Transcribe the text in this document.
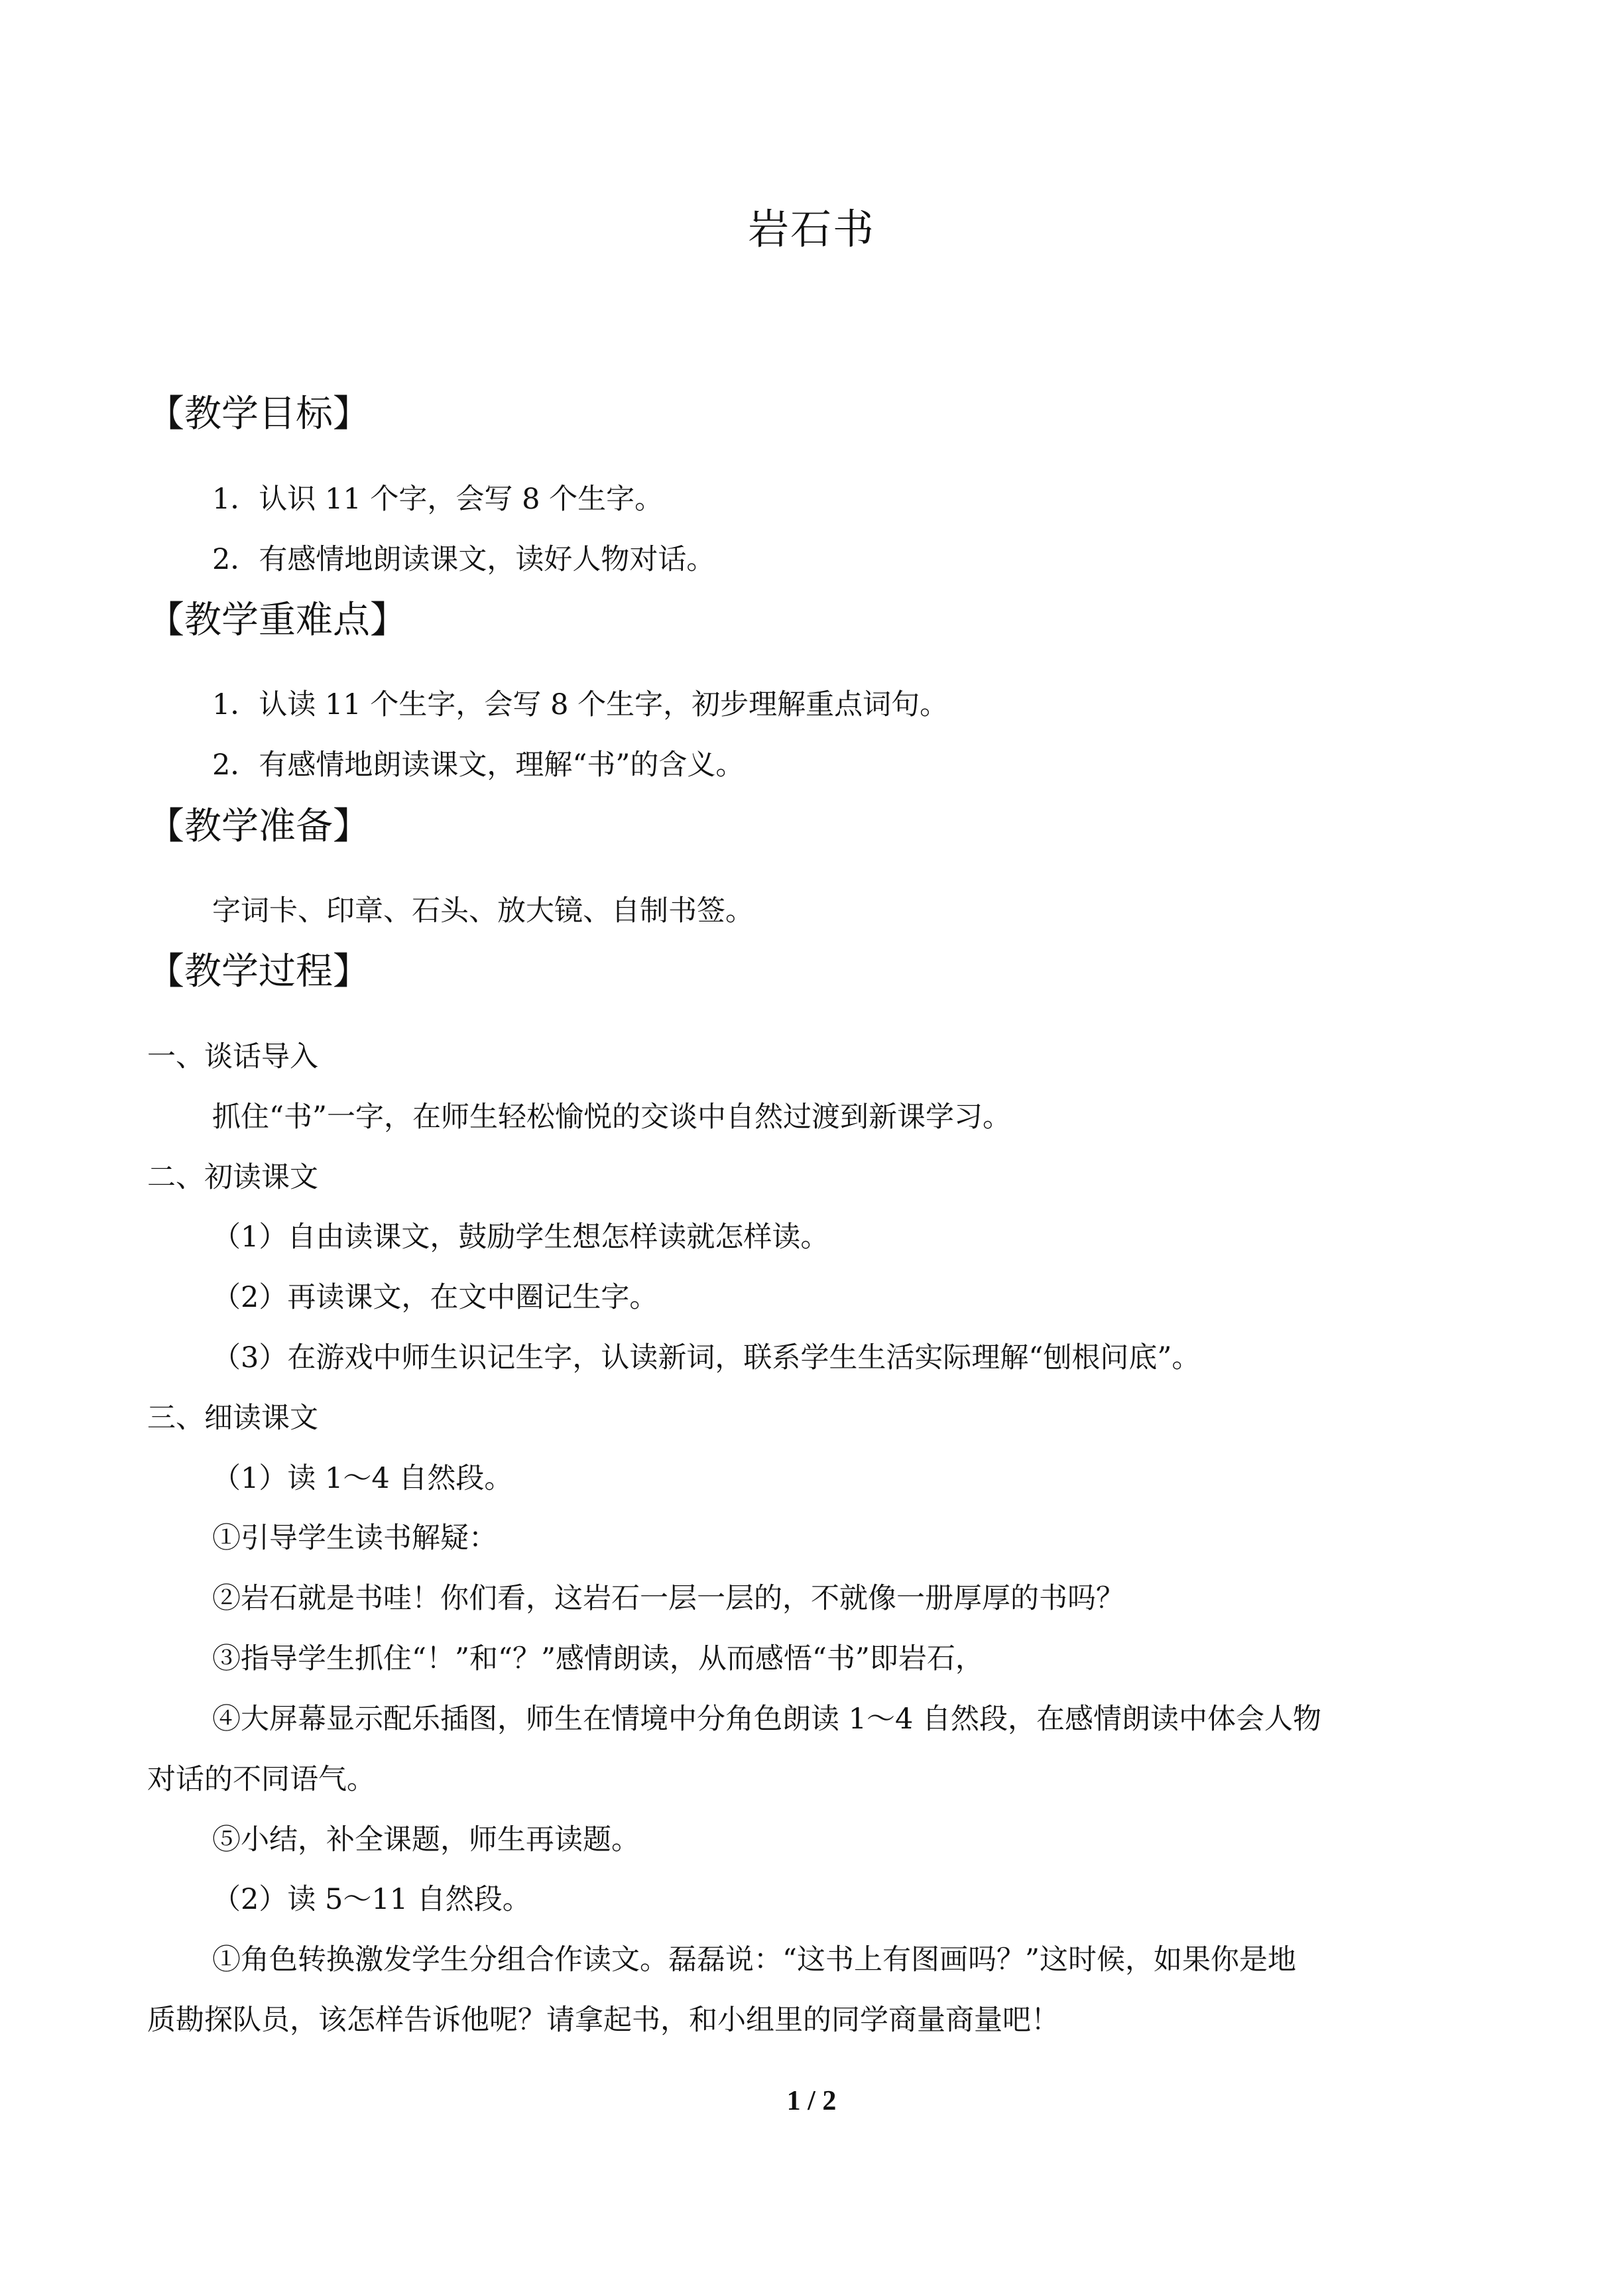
岩石书
【教学目标】
1．认识 11 个字，会写 8 个生字。
2．有感情地朗读课文，读好人物对话。
【教学重难点】
1．认读 11 个生字，会写 8 个生字，初步理解重点词句。
2．有感情地朗读课文，理解“书”的含义。
【教学准备】
字词卡、印章、石头、放大镜、自制书签。
【教学过程】
一、谈话导入
抓住“书”一字，在师生轻松愉悦的交谈中自然过渡到新课学习。
二、初读课文
（1）自由读课文，鼓励学生想怎样读就怎样读。
（2）再读课文，在文中圈记生字。
（3）在游戏中师生识记生字，认读新词，联系学生生活实际理解“刨根问底”。
三、细读课文
（1）读 1～4 自然段。
①引导学生读书解疑：
②岩石就是书哇！你们看，这岩石一层一层的，不就像一册厚厚的书吗？
③指导学生抓住“！”和“？”感情朗读，从而感悟“书”即岩石，
④大屏幕显示配乐插图，师生在情境中分角色朗读 1～4 自然段，在感情朗读中体会人物
对话的不同语气。
⑤小结，补全课题，师生再读题。
（2）读 5～11 自然段。
①角色转换激发学生分组合作读文。磊磊说：“这书上有图画吗？”这时候，如果你是地
质勘探队员，该怎样告诉他呢？请拿起书，和小组里的同学商量商量吧！
1 / 2
